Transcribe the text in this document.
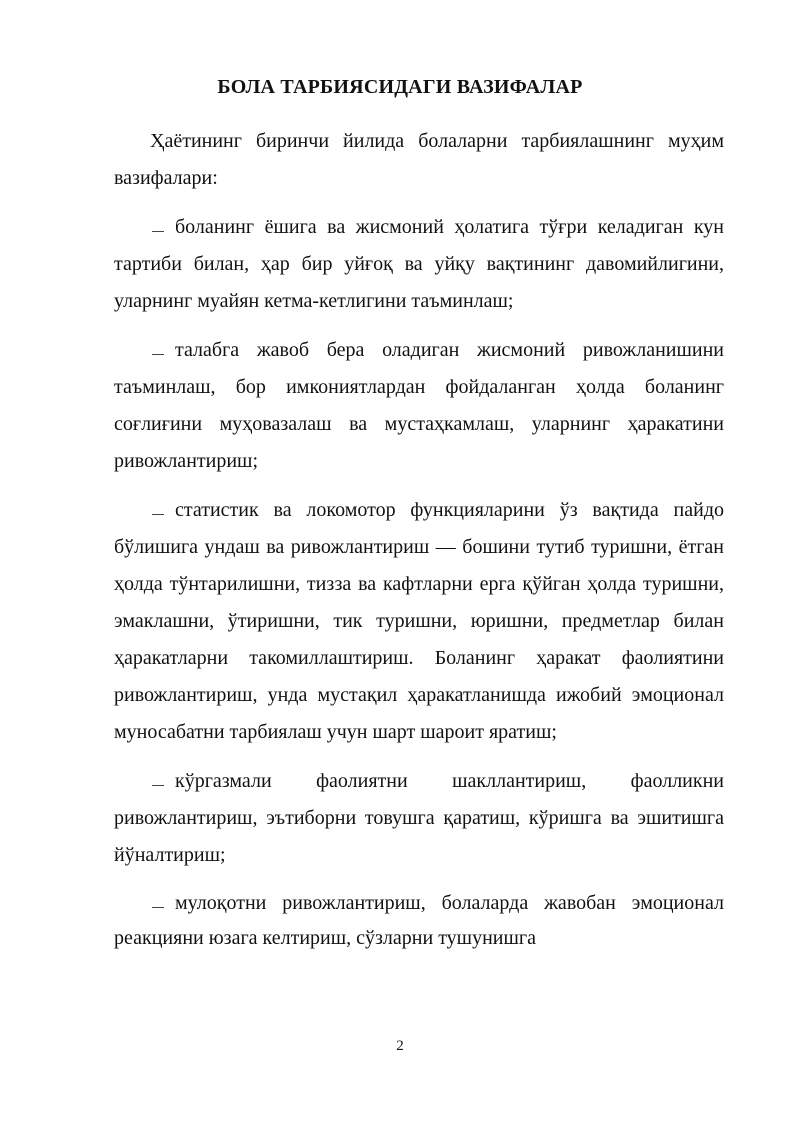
БОЛА ТАРБИЯСИДАГИ ВАЗИФАЛАР

Ҳаётининг биринчи йилида болаларни тарбиялашнинг муҳим вазифалари:

боланинг ёшига ва жисмоний ҳолатига тўғри келадиган кун тартиби билан, ҳар бир уйғоқ ва уйқу вақтининг давомийлигини, уларнинг муайян кетма-кетлигини таъминлаш;

талабга жавоб бера оладиган жисмоний ривожланишини таъминлаш, бор имкониятлардан фойдаланган ҳолда боланинг соғлиғини муҳовазалаш ва мустаҳкамлаш, уларнинг ҳаракатини ривожлантириш;

статистик ва локомотор функцияларини ўз вақтида пайдо бўлишига ундаш ва ривожлантириш — бошини тутиб туришни, ётган ҳолда тўнтарилишни, тизза ва кафтларни ерга қўйган ҳолда туришни, эмаклашни, ўтиришни, тик туришни, юришни, предметлар билан ҳаракатларни такомиллаштириш. Боланинг ҳаракат фаолиятини ривожлантириш, унда мустақил ҳаракатланишда ижобий эмоционал муносабатни тарбиялаш учун шарт шароит яратиш;

кўргазмали фаолиятни шакллантириш, фаолликни ривожлантириш, эътиборни товушга қаратиш, кўришга ва эшитишга йўналтириш;

мулоқотни ривожлантириш, болаларда жавобан эмоционал реакцияни юзага келтириш, сўзларни тушунишга

2
